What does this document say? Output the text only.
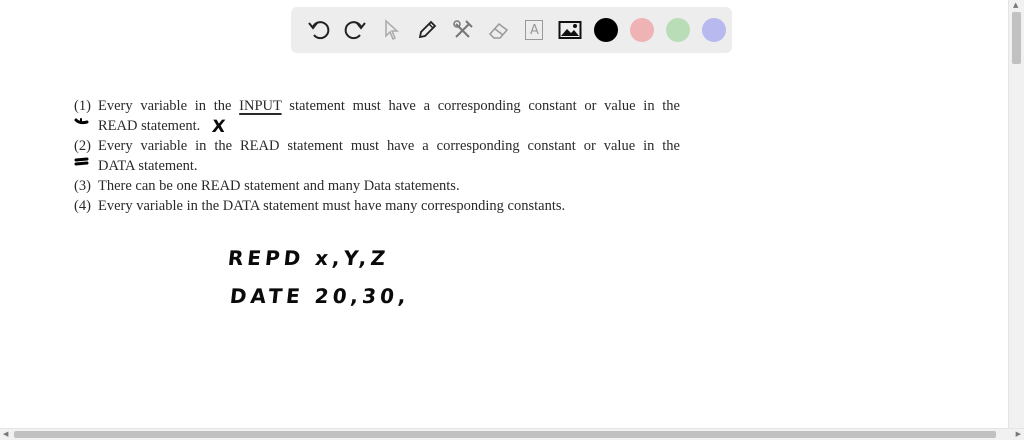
A
(1) Every variable in the INPUT statement must have a corresponding constant or value in the
READ statement.
(2) Every variable in the READ statement must have a corresponding constant or value in the
DATA statement.
(3) There can be one READ statement and many Data statements.
(4) Every variable in the DATA statement must have many corresponding constants.
X
REPD x,Y,Z
DATE 20,30,
▲
◀	▶
